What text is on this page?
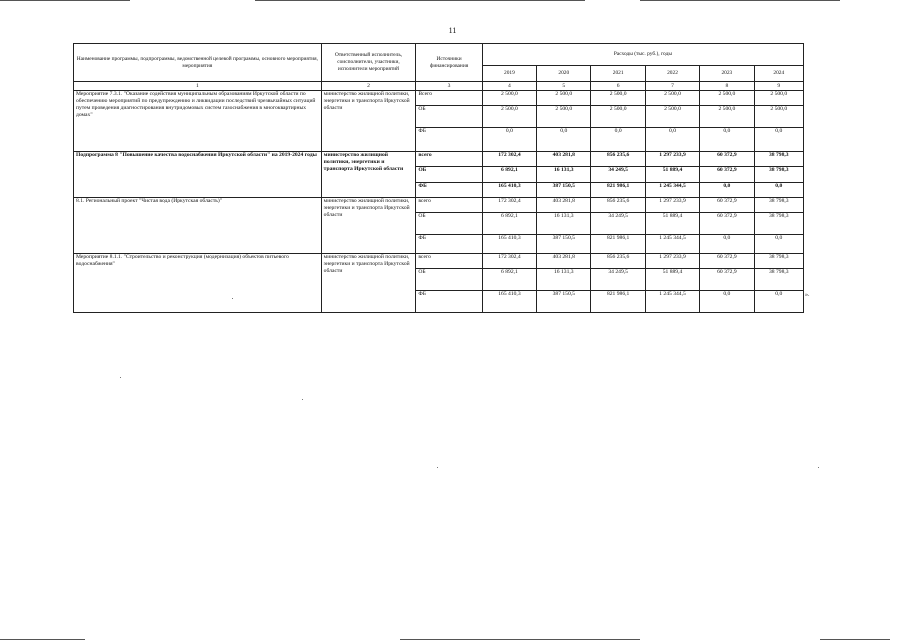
11
Наименование программы, подпрограммы, ведомственной целевой программы, основного мероприятия, мероприятия	Ответственный исполнитель, соисполнители, участники, исполнители мероприятий	Источники финансирования	Расходы (тыс. руб.), годы					
			2019	2020	2021	2022	2023	2024
1	2	3	4	5	6	7	8	9
Мероприятие 7.3.1. "Оказание содействия муниципальным образованиям Иркутской области по обеспечению мероприятий по предупреждению и ликвидации последствий чрезвычайных ситуаций путем проведения диагностирования внутридомовых систем газоснабжения в многоквартирных домах"	министерство жилищной политики, энергетики и транспорта Иркутской области	Всего	2 500,0	2 500,0	2 500,0	2 500,0	2 500,0	2 500,0
		ОБ	2 500,0	2 500,0	2 500,0	2 500,0	2 500,0	2 500,0
		ФБ	0,0	0,0	0,0	0,0	0,0	0,0
Подпрограмма 8 "Повышение качества водоснабжения Иркутской области" на 2019-2024 годы	министерство жилищной политики, энергетики и транспорта Иркутской области	всего	172 302,4	403 281,8	856 235,6	1 297 233,9	60 372,9	38 798,3
		ОБ	6 892,1	16 131,3	34 249,5	51 889,4	60 372,9	38 798,3
		ФБ	165 410,3	387 150,5	821 986,1	1 245 344,5	0,0	0,0
8.1. Региональный проект "Чистая вода (Иркутская область)"	министерство жилищной политики, энергетики и транспорта Иркутской области	всего	172 302,4	403 281,8	856 235,6	1 297 233,9	60 372,9	38 798,3
		ОБ	6 892,1	16 131,3	34 249,5	51 889,4	60 372,9	38 798,3
		ФБ	165 410,3	387 150,5	821 986,1	1 245 344,5	0,0	0,0
Мероприятие 8.1.1. "Строительство и реконструкция (модернизация) объектов питьевого водоснабжения"	министерство жилищной политики, энергетики и транспорта Иркутской области	всего	172 302,4	403 281,8	856 235,6	1 297 233,9	60 372,9	38 798,3
		ОБ	6 892,1	16 131,3	34 249,5	51 889,4	60 372,9	38 798,3
		ФБ	165 410,3	387 150,5	821 986,1	1 245 344,5	0,0	0,0	».
